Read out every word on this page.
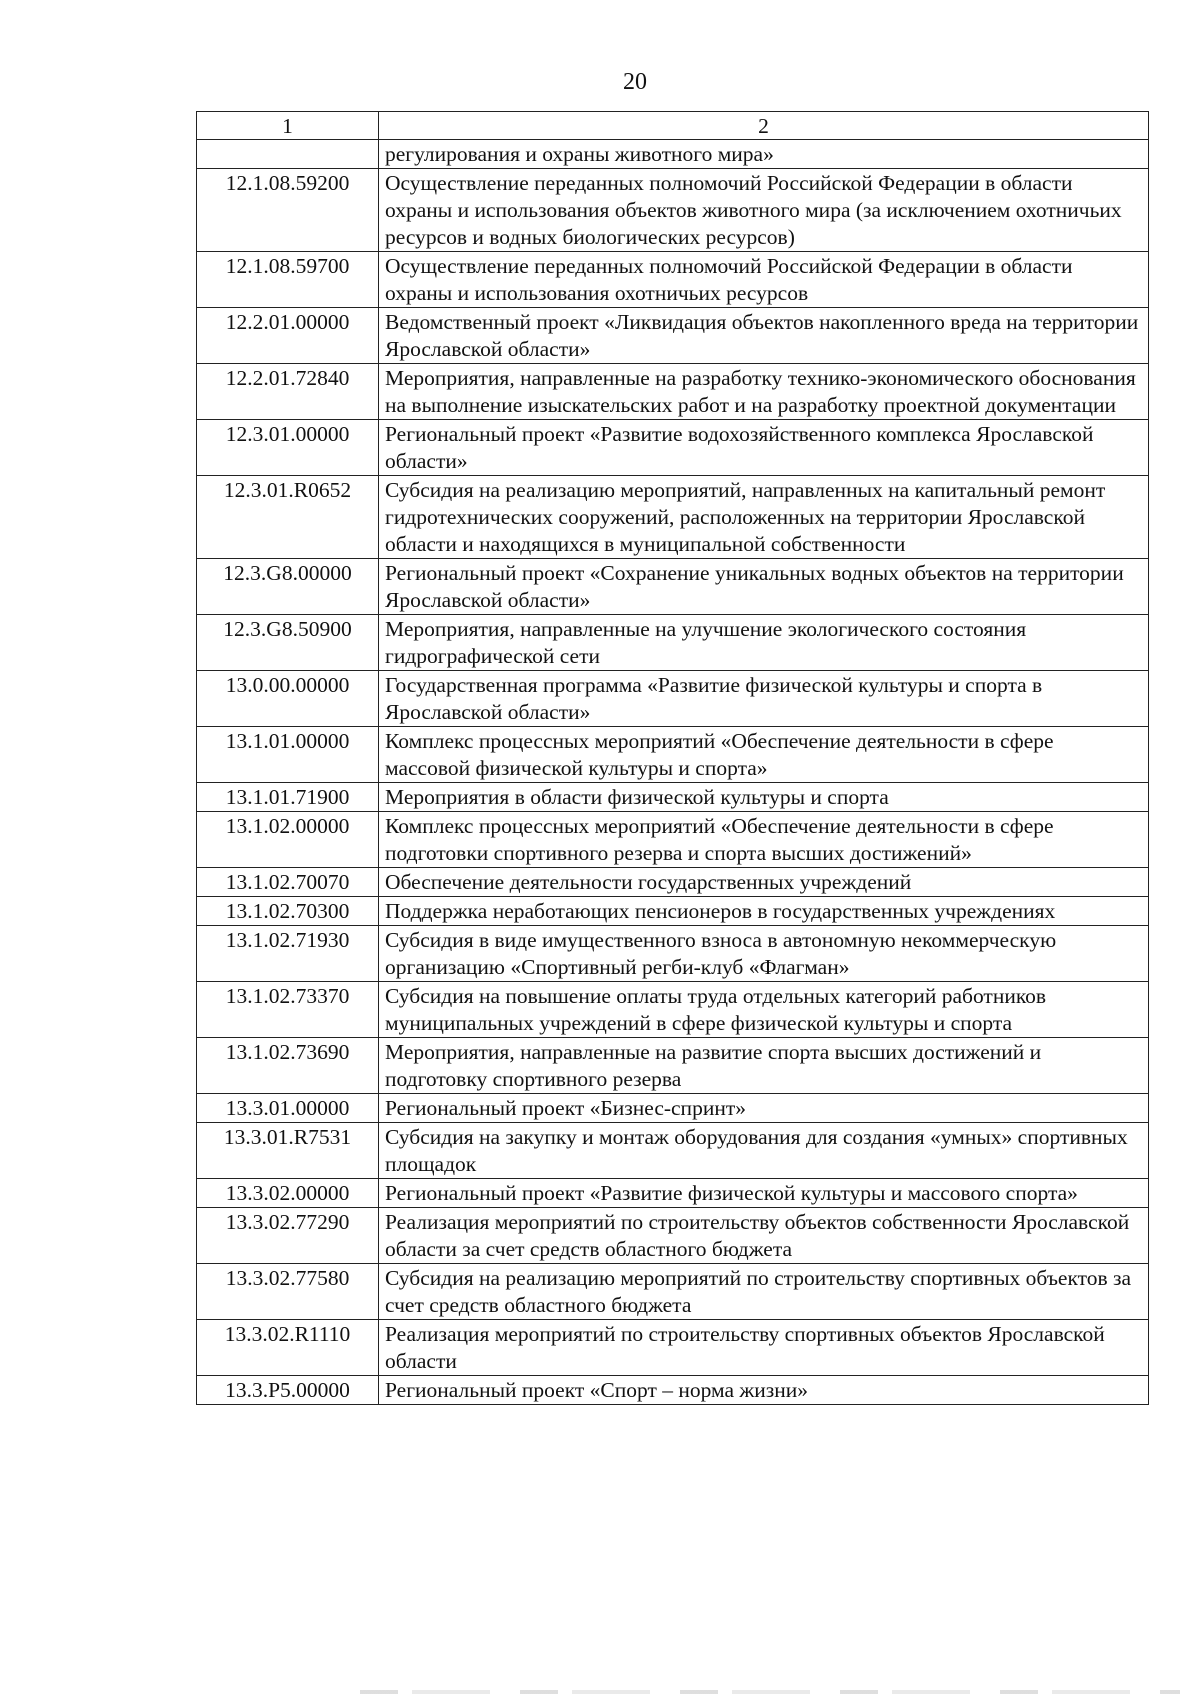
20
1	2
	регулирования и охраны животного мира»
12.1.08.59200	Осуществление переданных полномочий Российской Федерации в области охраны и использования объектов животного мира (за исключением охотничьих ресурсов и водных биологических ресурсов)
12.1.08.59700	Осуществление переданных полномочий Российской Федерации в области охраны и использования охотничьих ресурсов
12.2.01.00000	Ведомственный проект «Ликвидация объектов накопленного вреда на территории Ярославской области»
12.2.01.72840	Мероприятия, направленные на разработку технико-экономического обоснования на выполнение изыскательских работ и на разработку проектной документации
12.3.01.00000	Региональный проект «Развитие водохозяйственного комплекса Ярославской области»
12.3.01.R0652	Субсидия на реализацию мероприятий, направленных на капитальный ремонт гидротехнических сооружений, расположенных на территории Ярославской области и находящихся в муниципальной собственности
12.3.G8.00000	Региональный проект «Сохранение уникальных водных объектов на территории Ярославской области»
12.3.G8.50900	Мероприятия, направленные на улучшение экологического состояния гидрографической сети
13.0.00.00000	Государственная программа «Развитие физической культуры и спорта в Ярославской области»
13.1.01.00000	Комплекс процессных мероприятий «Обеспечение деятельности в сфере массовой физической культуры и спорта»
13.1.01.71900	Мероприятия в области физической культуры и спорта
13.1.02.00000	Комплекс процессных мероприятий «Обеспечение деятельности в сфере подготовки спортивного резерва и спорта высших достижений»
13.1.02.70070	Обеспечение деятельности государственных учреждений
13.1.02.70300	Поддержка неработающих пенсионеров в государственных учреждениях
13.1.02.71930	Субсидия в виде имущественного взноса в автономную некоммерческую организацию «Спортивный регби-клуб «Флагман»
13.1.02.73370	Субсидия на повышение оплаты труда отдельных категорий работников муниципальных учреждений в сфере физической культуры и спорта
13.1.02.73690	Мероприятия, направленные на развитие спорта высших достижений и подготовку спортивного резерва
13.3.01.00000	Региональный проект «Бизнес-спринт»
13.3.01.R7531	Субсидия на закупку и монтаж оборудования для создания «умных» спортивных площадок
13.3.02.00000	Региональный проект «Развитие физической культуры и массового спорта»
13.3.02.77290	Реализация мероприятий по строительству объектов собственности Ярославской области за счет средств областного бюджета
13.3.02.77580	Субсидия на реализацию мероприятий по строительству спортивных объектов за счет средств областного бюджета
13.3.02.R1110	Реализация мероприятий по строительству спортивных объектов Ярославской области
13.3.P5.00000	Региональный проект «Спорт – норма жизни»
